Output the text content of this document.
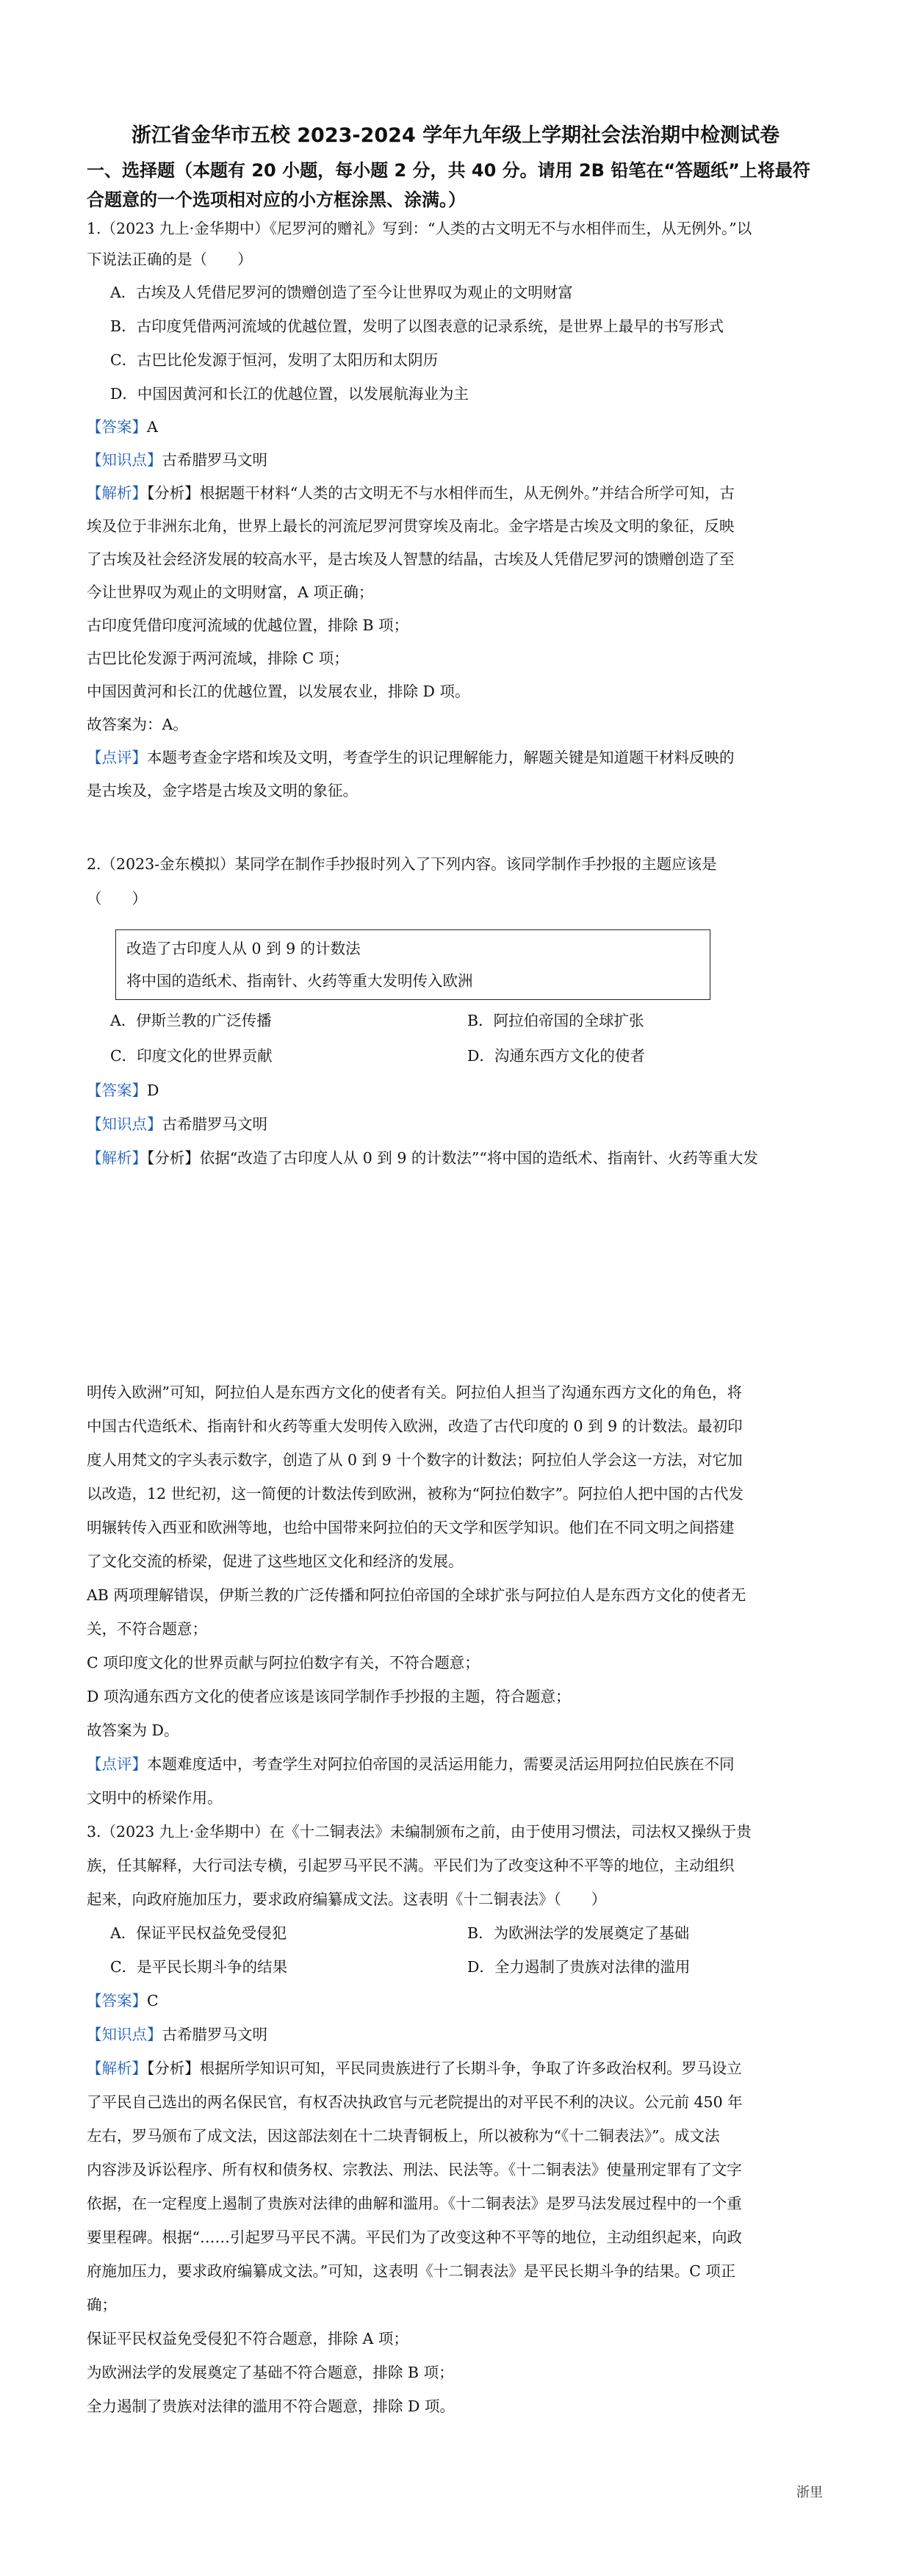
浙江省金华市五校 2023-2024 学年九年级上学期社会法治期中检测试卷
一、选择题（本题有 20 小题，每小题 2 分，共 40 分。请用 2B 铅笔在“答题纸”上将最符
合题意的一个选项相对应的小方框涂黑、涂满。）
1.（2023 九上·金华期中）《尼罗河的赠礼》写到：“人类的古文明无不与水相伴而生，从无例外。”以
下说法正确的是（　　）
A．古埃及人凭借尼罗河的馈赠创造了至今让世界叹为观止的文明财富
B．古印度凭借两河流域的优越位置，发明了以图表意的记录系统，是世界上最早的书写形式
C．古巴比伦发源于恒河，发明了太阳历和太阴历
D．中国因黄河和长江的优越位置，以发展航海业为主
【答案】A
【知识点】古希腊罗马文明
【解析】【分析】根据题干材料“人类的古文明无不与水相伴而生，从无例外。”并结合所学可知，古
埃及位于非洲东北角，世界上最长的河流尼罗河贯穿埃及南北。金字塔是古埃及文明的象征，反映
了古埃及社会经济发展的较高水平，是古埃及人智慧的结晶，古埃及人凭借尼罗河的馈赠创造了至
今让世界叹为观止的文明财富，A 项正确；
古印度凭借印度河流域的优越位置，排除 B 项；
古巴比伦发源于两河流域，排除 C 项；
中国因黄河和长江的优越位置，以发展农业，排除 D 项。
故答案为：A。
【点评】本题考查金字塔和埃及文明，考查学生的识记理解能力，解题关键是知道题干材料反映的
是古埃及，金字塔是古埃及文明的象征。
2.（2023-金东模拟）某同学在制作手抄报时列入了下列内容。该同学制作手抄报的主题应该是
（　　）
改造了古印度人从 0 到 9 的计数法
将中国的造纸术、指南针、火药等重大发明传入欧洲
A．伊斯兰教的广泛传播	B．阿拉伯帝国的全球扩张
C．印度文化的世界贡献	D．沟通东西方文化的使者
【答案】D
【知识点】古希腊罗马文明
【解析】【分析】依据“改造了古印度人从 0 到 9 的计数法”“将中国的造纸术、指南针、火药等重大发
明传入欧洲”可知，阿拉伯人是东西方文化的使者有关。阿拉伯人担当了沟通东西方文化的角色，将
中国古代造纸术、指南针和火药等重大发明传入欧洲，改造了古代印度的 0 到 9 的计数法。最初印
度人用梵文的字头表示数字，创造了从 0 到 9 十个数字的计数法；阿拉伯人学会这一方法，对它加
以改造，12 世纪初，这一简便的计数法传到欧洲，被称为“阿拉伯数字”。阿拉伯人把中国的古代发
明辗转传入西亚和欧洲等地，也给中国带来阿拉伯的天文学和医学知识。他们在不同文明之间搭建
了文化交流的桥梁，促进了这些地区文化和经济的发展。
AB 两项理解错误，伊斯兰教的广泛传播和阿拉伯帝国的全球扩张与阿拉伯人是东西方文化的使者无
关，不符合题意；
C 项印度文化的世界贡献与阿拉伯数字有关，不符合题意；
D 项沟通东西方文化的使者应该是该同学制作手抄报的主题，符合题意；
故答案为 D。
【点评】本题难度适中，考查学生对阿拉伯帝国的灵活运用能力，需要灵活运用阿拉伯民族在不同
文明中的桥梁作用。
3.（2023 九上·金华期中）在《十二铜表法》未编制颁布之前，由于使用习惯法，司法权又操纵于贵
族，任其解释，大行司法专横，引起罗马平民不满。平民们为了改变这种不平等的地位，主动组织
起来，向政府施加压力，要求政府编纂成文法。这表明《十二铜表法》（　　）
A．保证平民权益免受侵犯	B．为欧洲法学的发展奠定了基础
C．是平民长期斗争的结果	D．全力遏制了贵族对法律的滥用
【答案】C
【知识点】古希腊罗马文明
【解析】【分析】根据所学知识可知，平民同贵族进行了长期斗争，争取了许多政治权利。罗马设立
了平民自己选出的两名保民官，有权否决执政官与元老院提出的对平民不利的决议。公元前 450 年
左右，罗马颁布了成文法，因这部法刻在十二块青铜板上，所以被称为“《十二铜表法》”。成文法
内容涉及诉讼程序、所有权和债务权、宗教法、刑法、民法等。《十二铜表法》使量刑定罪有了文字
依据，在一定程度上遏制了贵族对法律的曲解和滥用。《十二铜表法》是罗马法发展过程中的一个重
要里程碑。根据“……引起罗马平民不满。平民们为了改变这种不平等的地位，主动组织起来，向政
府施加压力，要求政府编纂成文法。”可知，这表明《十二铜表法》是平民长期斗争的结果。C 项正
确；
保证平民权益免受侵犯不符合题意，排除 A 项；
为欧洲法学的发展奠定了基础不符合题意，排除 B 项；
全力遏制了贵族对法律的滥用不符合题意，排除 D 项。
浙里
